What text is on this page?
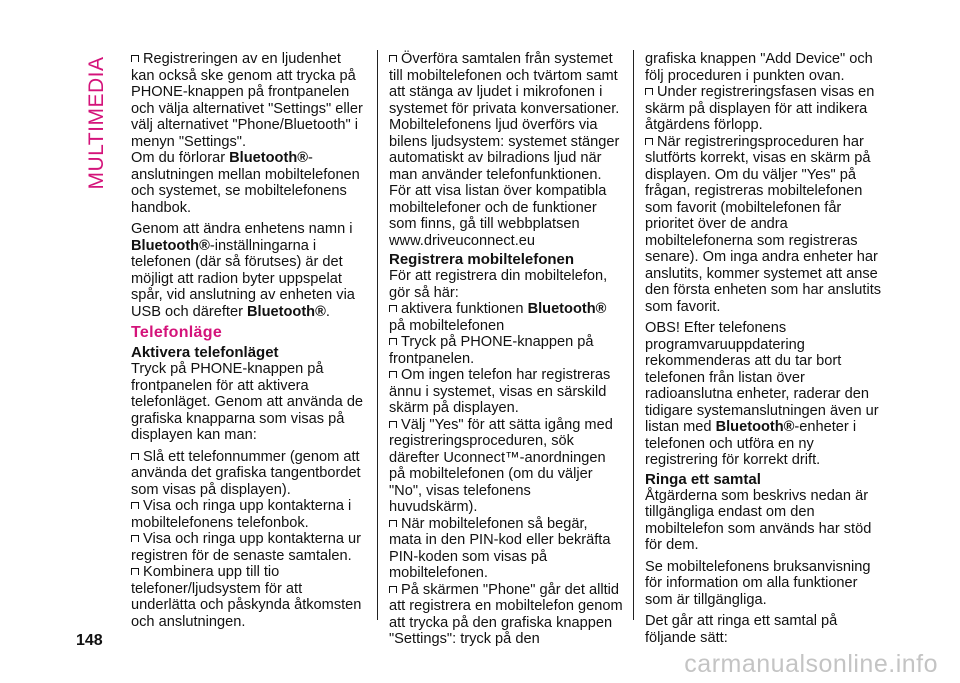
MULTIMEDIA	Registreringen av en ljudenhet kan också ske genom att trycka på PHONE-knappen på frontpanelen och välja alternativet "Settings" eller välj alternativet "Phone/Bluetooth" i menyn "Settings".

Om du förlorar Bluetooth®-anslutningen mellan mobiltelefonen och systemet, se mobiltelefonens handbok.

Genom att ändra enhetens namn i Bluetooth®-inställningarna i telefonen (där så förutses) är det möjligt att radion byter uppspelat spår, vid anslutning av enheten via USB och därefter Bluetooth®.

Telefonläge
Aktivera telefonläget

Tryck på PHONE-knappen på frontpanelen för att aktivera telefonläget. Genom att använda de grafiska knapparna som visas på displayen kan man:

Slå ett telefonnummer (genom att använda det grafiska tangentbordet som visas på displayen).

Visa och ringa upp kontakterna i mobiltelefonens telefonbok.

Visa och ringa upp kontakterna ur registren för de senaste samtalen.

Kombinera upp till tio telefoner/ljudsystem för att underlätta och påskynda åtkomsten och anslutningen.

Överföra samtalen från systemet till mobiltelefonen och tvärtom samt att stänga av ljudet i mikrofonen i systemet för privata konversationer.

Mobiltelefonens ljud överförs via bilens ljudsystem: systemet stänger automatiskt av bilradions ljud när man använder telefonfunktionen. För att visa listan över kompatibla mobiltelefoner och de funktioner som finns, gå till webbplatsen www.driveuconnect.eu

Registrera mobiltelefonen

För att registrera din mobiltelefon, gör så här:

aktivera funktionen Bluetooth® på mobiltelefonen

Tryck på PHONE-knappen på frontpanelen.

Om ingen telefon har registreras ännu i systemet, visas en särskild skärm på displayen.

Välj "Yes" för att sätta igång med registreringsproceduren, sök därefter Uconnect™-anordningen på mobiltelefonen (om du väljer "No", visas telefonens huvudskärm).

När mobiltelefonen så begär, mata in den PIN-kod eller bekräfta PIN-koden som visas på mobiltelefonen.

På skärmen "Phone" går det alltid att registrera en mobiltelefon genom att trycka på den grafiska knappen "Settings": tryck på den

grafiska knappen "Add Device" och följ proceduren i punkten ovan.

Under registreringsfasen visas en skärm på displayen för att indikera åtgärdens förlopp.

När registreringsproceduren har slutförts korrekt, visas en skärm på displayen. Om du väljer "Yes" på frågan, registreras mobiltelefonen som favorit (mobiltelefonen får prioritet över de andra mobiltelefonerna som registreras senare). Om inga andra enheter har anslutits, kommer systemet att anse den första enheten som har anslutits som favorit.

OBS! Efter telefonens programvaruuppdatering rekommenderas att du tar bort telefonen från listan över radioanslutna enheter, raderar den tidigare systemanslutningen även ur listan med Bluetooth®-enheter i telefonen och utföra en ny registrering för korrekt drift.

Ringa ett samtal

Åtgärderna som beskrivs nedan är tillgängliga endast om den mobiltelefon som används har stöd för dem.

Se mobiltelefonens bruksanvisning för information om alla funktioner som är tillgängliga.

Det går att ringa ett samtal på följande sätt:

148
carmanualsonline.info
